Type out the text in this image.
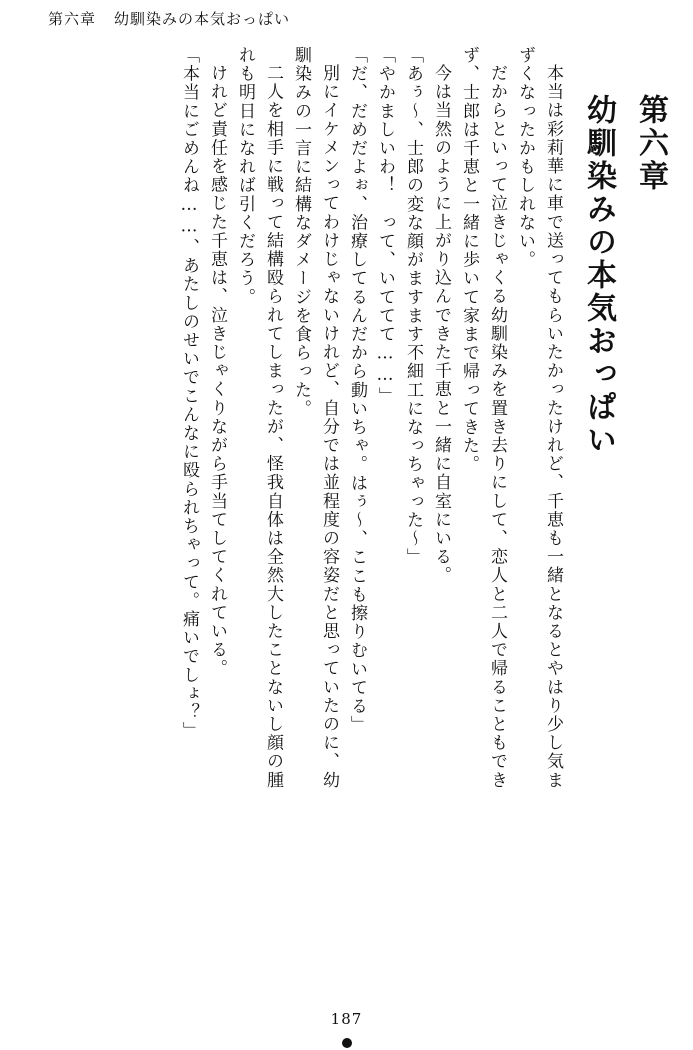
第六章 幼馴染みの本気おっぱい
第六章
幼馴染みの本気おっぱい
本当は彩莉華に車で送ってもらいたかったけれど、千恵も一緒となるとやはり少し気ま
ずくなったかもしれない。
だからといって泣きじゃくる幼馴染みを置き去りにして、恋人と二人で帰ることもでき
ず、士郎は千恵と一緒に歩いて家まで帰ってきた。
今は当然のように上がり込んできた千恵と一緒に自室にいる。
「あぅ～、士郎の変な顔がますます不細工になっちゃった～」
「やかましいわ！　って、いててて……」
「だ、だめだよぉ、治療してるんだから動いちゃ。はぅ～、ここも擦りむいてる」
別にイケメンってわけじゃないけれど、自分では並程度の容姿だと思っていたのに、幼
馴染みの一言に結構なダメージを食らった。
二人を相手に戦って結構殴られてしまったが、怪我自体は全然大したことないし顔の腫
れも明日になれば引くだろう。
けれど責任を感じた千恵は、泣きじゃくりながら手当てしてくれている。
「本当にごめんね……、あたしのせいでこんなに殴られちゃって。痛いでしょ？」
187
